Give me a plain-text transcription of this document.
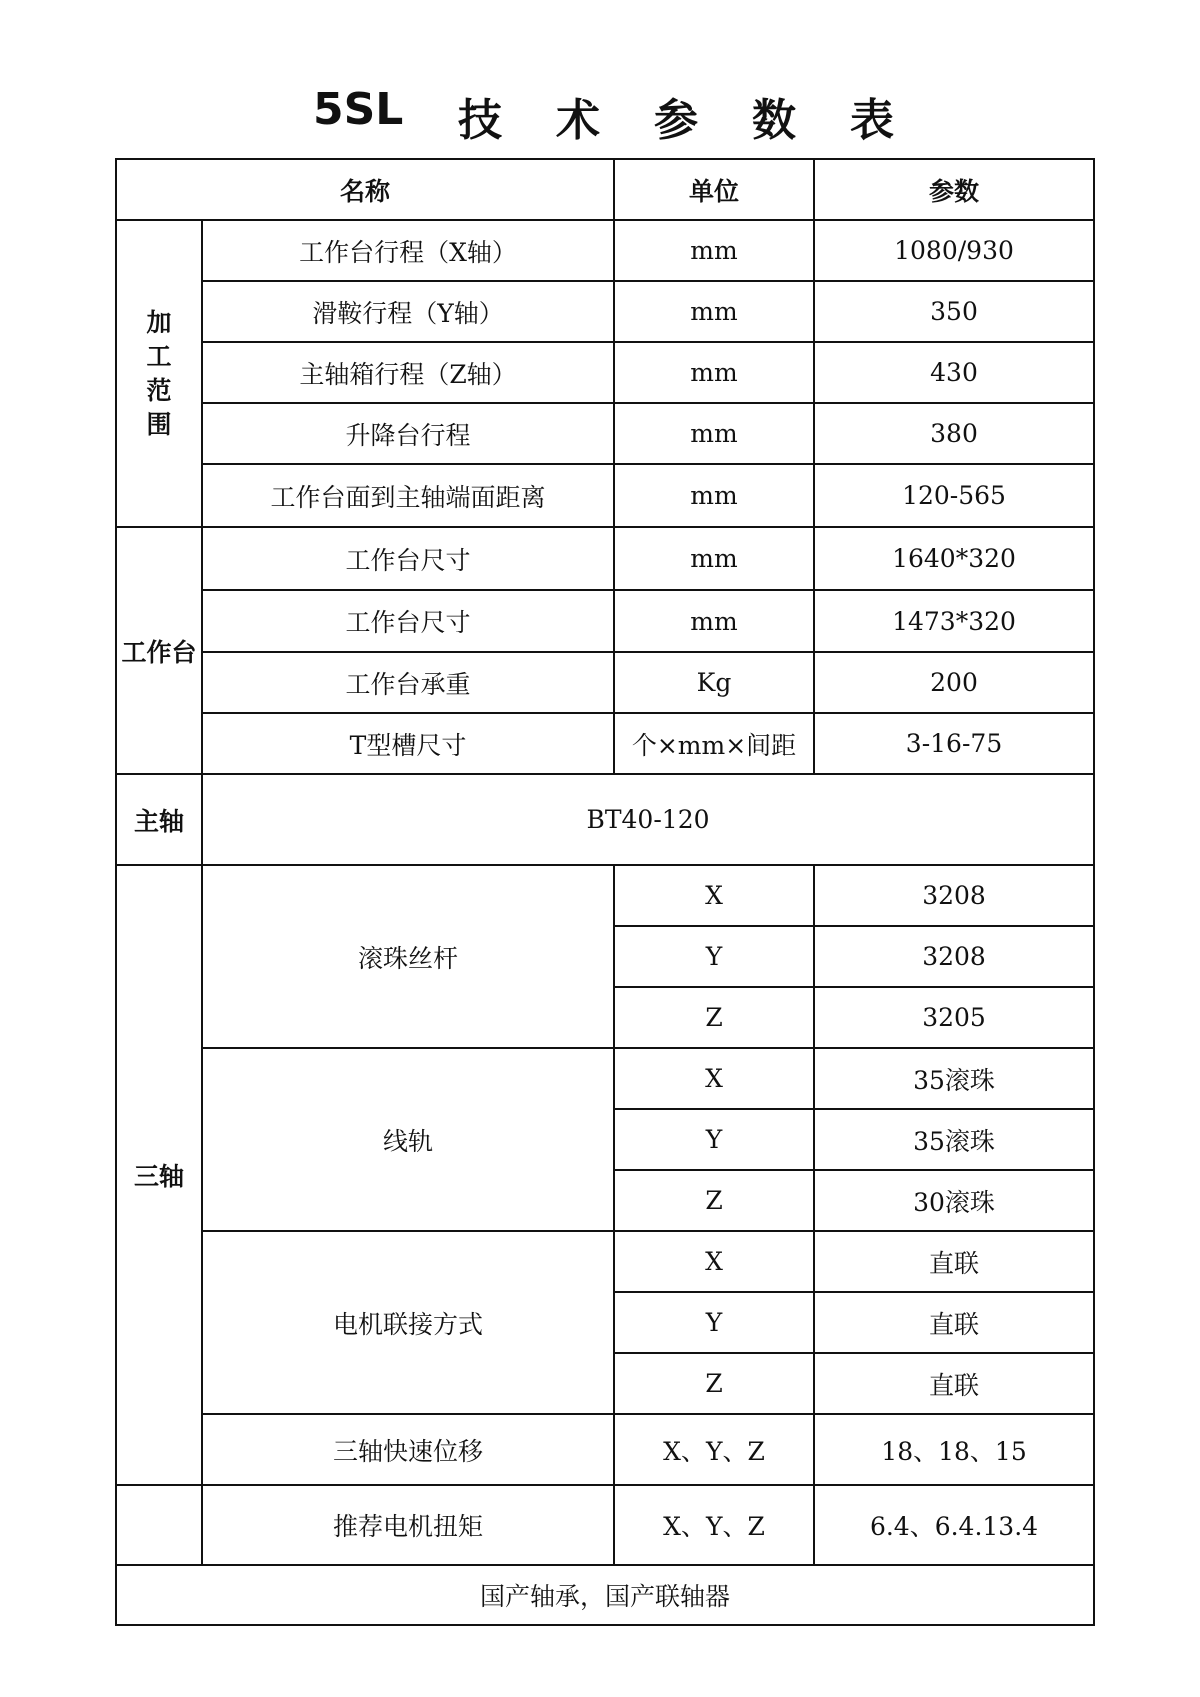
5SL 技 术 参 数 表
名称		单位	参数

加
工
范
围	工作台行程（X轴）	mm	1080/930
	滑鞍行程（Y轴）	mm	350
	主轴箱行程（Z轴）	mm	430
	升降台行程	mm	380
	工作台面到主轴端面距离	mm	120-565
工作台	工作台尺寸	mm	1640*320
	工作台尺寸	mm	1473*320
	工作台承重	Kg	200
	T型槽尺寸	个×mm×间距	3-16-75
主轴	BT40-120		
三轴	滚珠丝杆	X	3208
		Y	3208
		Z	3205
	线轨	X	35滚珠
		Y	35滚珠
		Z	30滚珠
	电机联接方式	X	直联
		Y	直联
		Z	直联
	三轴快速位移	X、Y、Z	18、18、15
	推荐电机扭矩	X、Y、Z	6.4、6.4.13.4
国产轴承，国产联轴器			
